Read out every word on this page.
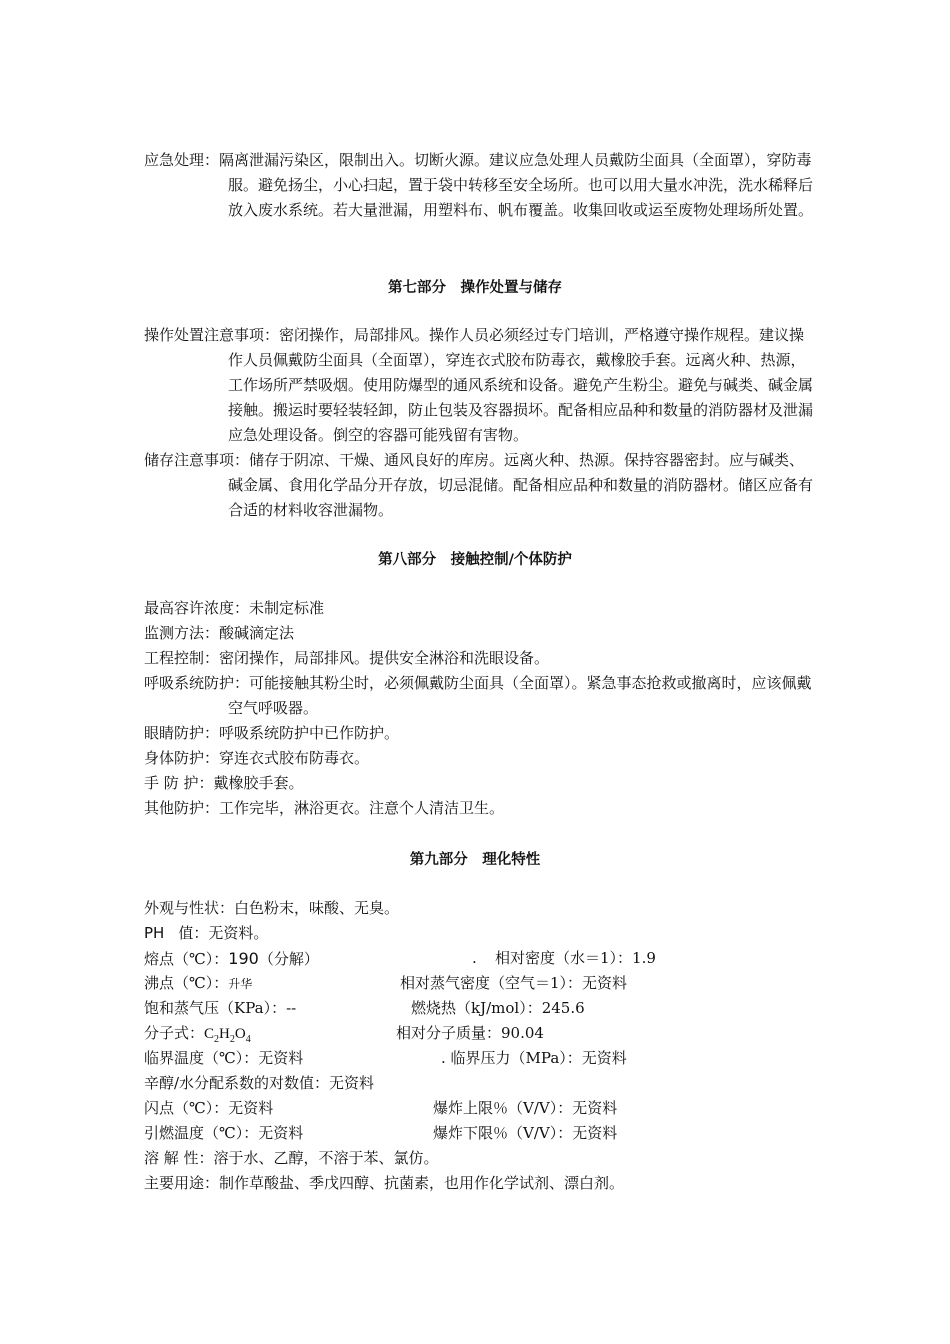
应急处理：隔离泄漏污染区，限制出入。切断火源。建议应急处理人员戴防尘面具（全面罩），穿防毒服。避免扬尘，小心扫起，置于袋中转移至安全场所。也可以用大量水冲洗，洗水稀释后放入废水系统。若大量泄漏，用塑料布、帆布覆盖。收集回收或运至废物处理场所处置。

第七部分　操作处置与储存

操作处置注意事项：密闭操作，局部排风。操作人员必须经过专门培训，严格遵守操作规程。建议操作人员佩戴防尘面具（全面罩），穿连衣式胶布防毒衣，戴橡胶手套。远离火种、热源，工作场所严禁吸烟。使用防爆型的通风系统和设备。避免产生粉尘。避免与碱类、碱金属接触。搬运时要轻装轻卸，防止包装及容器损坏。配备相应品种和数量的消防器材及泄漏应急处理设备。倒空的容器可能残留有害物。

储存注意事项：储存于阴凉、干燥、通风良好的库房。远离火种、热源。保持容器密封。应与碱类、碱金属、食用化学品分开存放，切忌混储。配备相应品种和数量的消防器材。储区应备有合适的材料收容泄漏物。

第八部分　接触控制/个体防护

最高容许浓度：未制定标准

监测方法：酸碱滴定法

工程控制：密闭操作，局部排风。提供安全淋浴和洗眼设备。

呼吸系统防护：可能接触其粉尘时，必须佩戴防尘面具（全面罩）。紧急事态抢救或撤离时，应该佩戴空气呼吸器。

眼睛防护：呼吸系统防护中已作防护。

身体防护：穿连衣式胶布防毒衣。

手 防 护：戴橡胶手套。

其他防护：工作完毕，淋浴更衣。注意个人清洁卫生。

第九部分　理化特性
外观与性状：白色粉末，味酸、无臭。
PH 值：无资料。
熔点（℃）：190（分解）	. 相对密度（水＝1）：1.9
沸点（℃）：升华	相对蒸气密度（空气＝1）：无资料
饱和蒸气压（KPa）：--	燃烧热（kJ/mol）：245.6
分子式：$C_2H_2O_4$	相对分子质量：90.04
临界温度（℃）：无资料	. 临界压力（MPa）：无资料
辛醇/水分配系数的对数值：无资料
闪点（℃）：无资料	爆炸上限％（V/V）：无资料
引燃温度（℃）：无资料	爆炸下限％（V/V）：无资料
溶 解 性：溶于水、乙醇，不溶于苯、氯仿。
主要用途：制作草酸盐、季戊四醇、抗菌素，也用作化学试剂、漂白剂。
